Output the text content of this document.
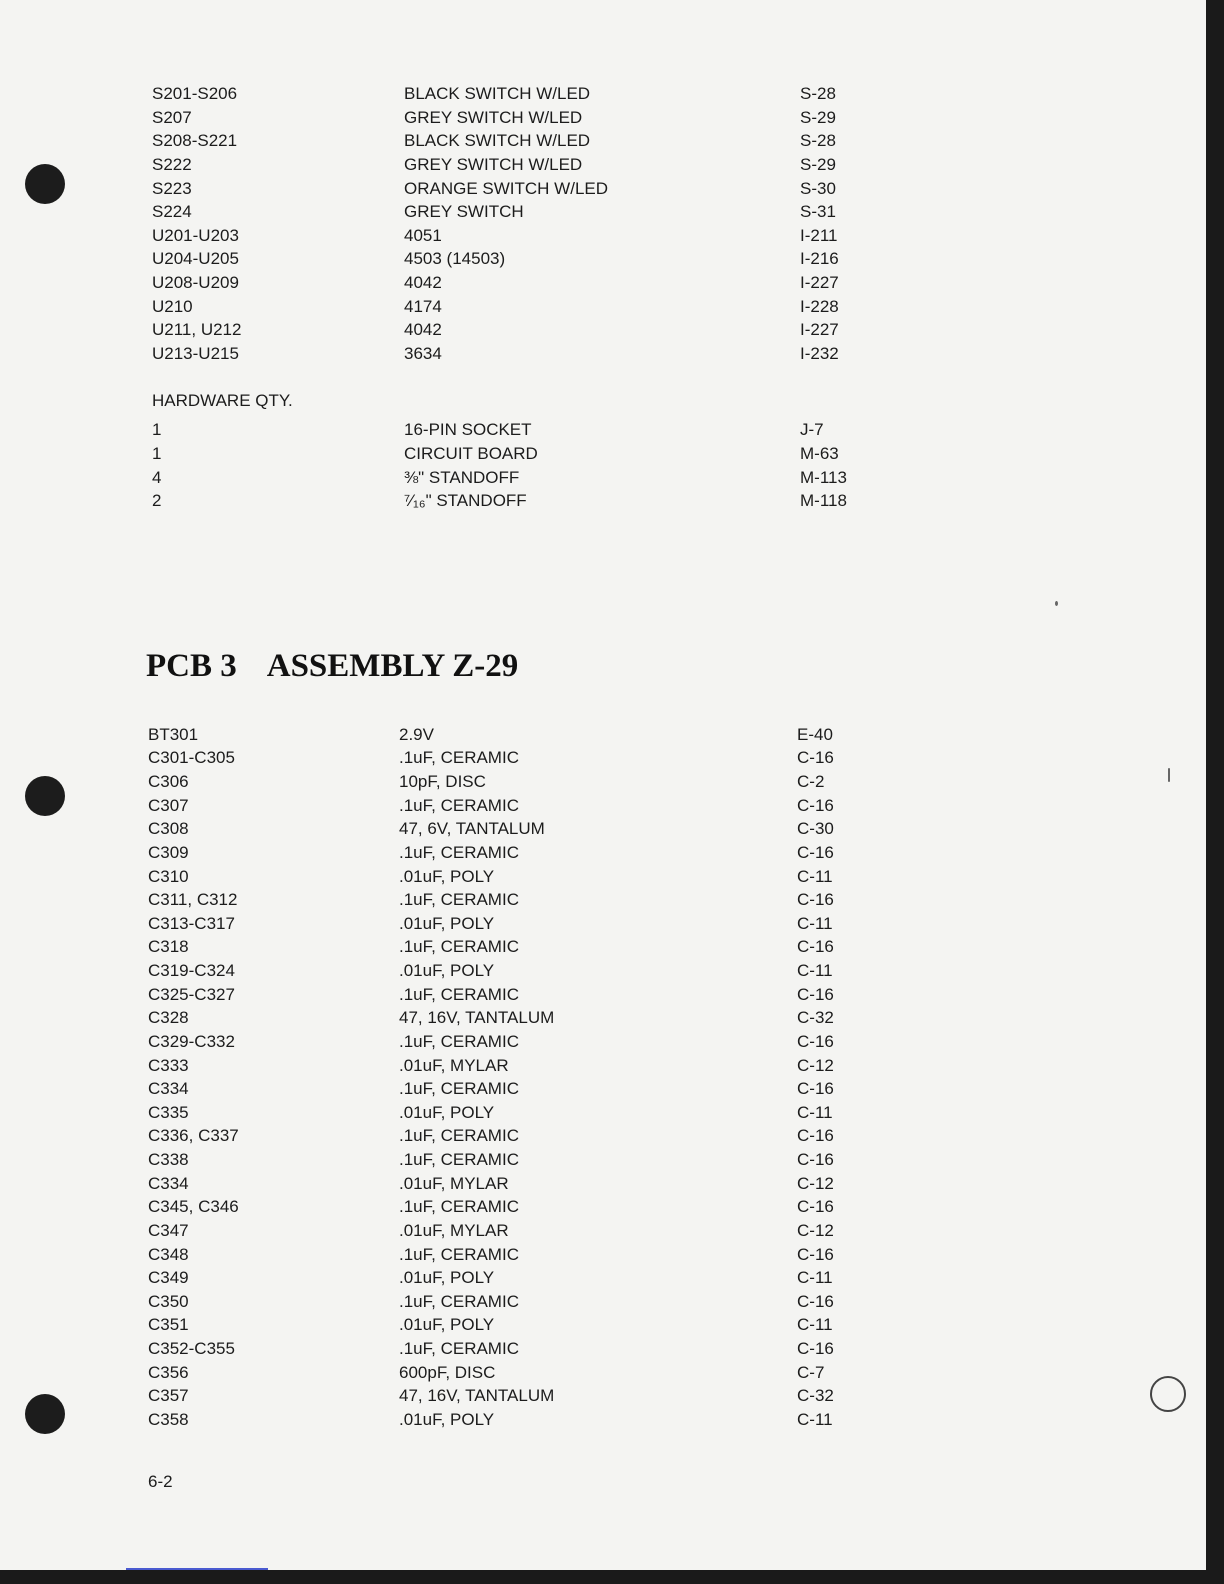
S201-S206	BLACK SWITCH W/LED	S-28
S207	GREY SWITCH W/LED	S-29
S208-S221	BLACK SWITCH W/LED	S-28
S222	GREY SWITCH W/LED	S-29
S223	ORANGE SWITCH W/LED	S-30
S224	GREY SWITCH	S-31
U201-U203	4051	I-211
U204-U205	4503 (14503)	I-216
U208-U209	4042	I-227
U210	4174	I-228
U211, U212	4042	I-227
U213-U215	3634	I-232
HARDWARE QTY.
1	16-PIN SOCKET	J-7
1	CIRCUIT BOARD	M-63
4	⅜" STANDOFF	M-113
2	⁷⁄₁₆" STANDOFF	M-118
PCB 3 ASSEMBLY Z-29
BT301	2.9V	E-40
C301-C305	.1uF, CERAMIC	C-16
C306	10pF, DISC	C-2
C307	.1uF, CERAMIC	C-16
C308	47, 6V, TANTALUM	C-30
C309	.1uF, CERAMIC	C-16
C310	.01uF, POLY	C-11
C311, C312	.1uF, CERAMIC	C-16
C313-C317	.01uF, POLY	C-11
C318	.1uF, CERAMIC	C-16
C319-C324	.01uF, POLY	C-11
C325-C327	.1uF, CERAMIC	C-16
C328	47, 16V, TANTALUM	C-32
C329-C332	.1uF, CERAMIC	C-16
C333	.01uF, MYLAR	C-12
C334	.1uF, CERAMIC	C-16
C335	.01uF, POLY	C-11
C336, C337	.1uF, CERAMIC	C-16
C338	.1uF, CERAMIC	C-16
C334	.01uF, MYLAR	C-12
C345, C346	.1uF, CERAMIC	C-16
C347	.01uF, MYLAR	C-12
C348	.1uF, CERAMIC	C-16
C349	.01uF, POLY	C-11
C350	.1uF, CERAMIC	C-16
C351	.01uF, POLY	C-11
C352-C355	.1uF, CERAMIC	C-16
C356	600pF, DISC	C-7
C357	47, 16V, TANTALUM	C-32
C358	.01uF, POLY	C-11
6-2
